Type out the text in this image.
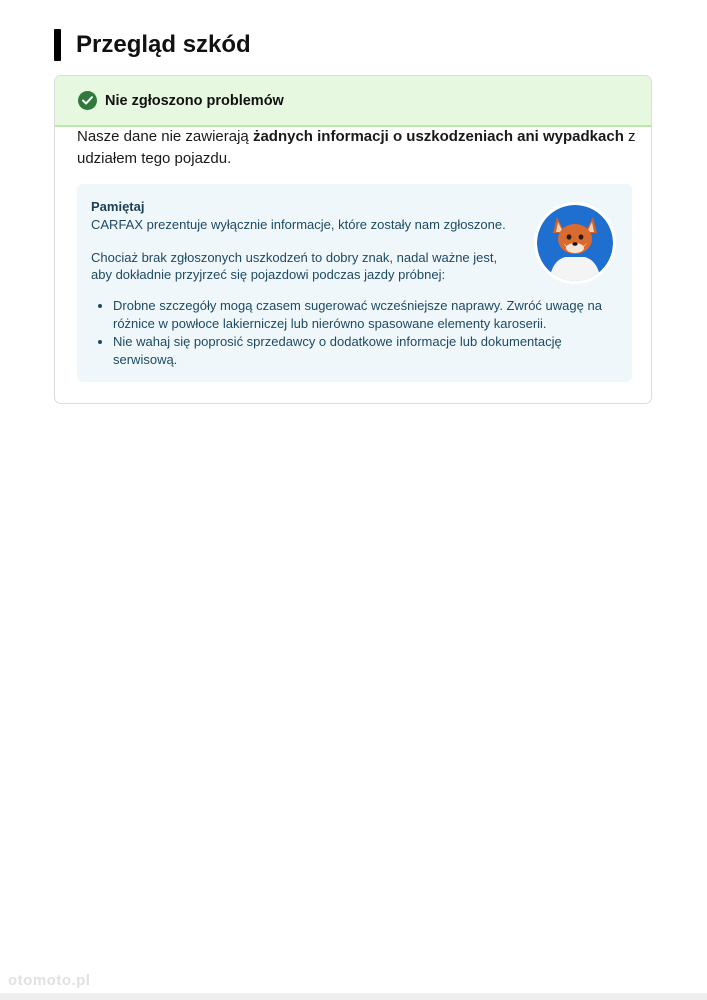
Przegląd szkód
Nie zgłoszono problemów

Nasze dane nie zawierają żadnych informacji o uszkodzeniach ani wypadkach z udziałem tego pojazdu.

Pamiętaj

CARFAX prezentuje wyłącznie informacje, które zostały nam zgłoszone.

Chociaż brak zgłoszonych uszkodzeń to dobry znak, nadal ważne jest, aby dokładnie przyjrzeć się pojazdowi podczas jazdy próbnej:

• Drobne szczegóły mogą czasem sugerować wcześniejsze naprawy. Zwróć uwagę na różnice w powłoce lakierniczej lub nierówno spasowane elementy karoserii.
• Nie wahaj się poprosić sprzedawcy o dodatkowe informacje lub dokumentację serwisową.
otomoto.pl
